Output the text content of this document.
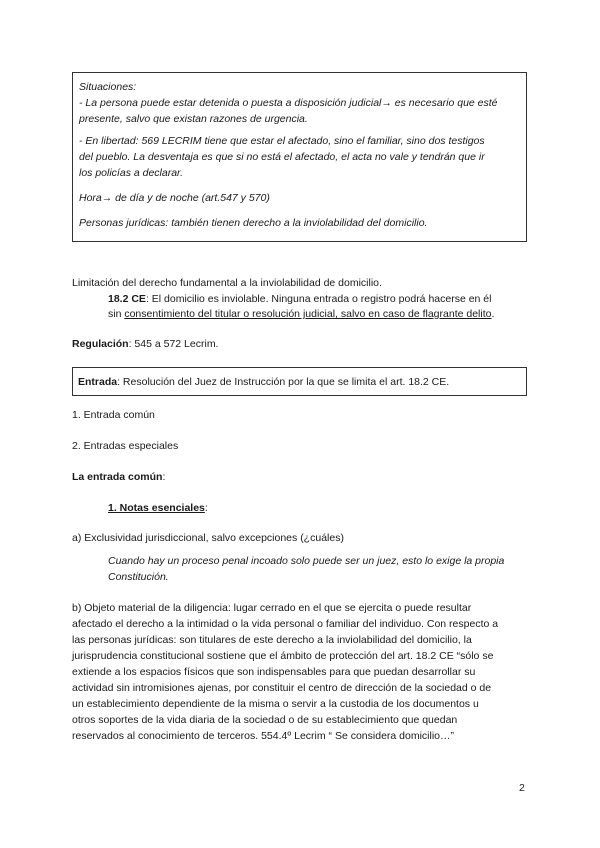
Situaciones:
- La persona puede estar detenida o puesta a disposición judicial→ es necesario que esté
presente, salvo que existan razones de urgencia.
- En libertad: 569 LECRIM tiene que estar el afectado, sino el familiar, sino dos testigos
del pueblo. La desventaja es que si no está el afectado, el acta no vale y tendrán que ir
los policías a declarar.
Hora→ de día y de noche (art.547 y 570)
Personas jurídicas: también tienen derecho a la inviolabilidad del domicilio.

Limitación del derecho fundamental a la inviolabilidad de domicilio.

18.2 CE: El domicilio es inviolable. Ninguna entrada o registro podrá hacerse en él

sin consentimiento del titular o resolución judicial, salvo en caso de flagrante delito.

Regulación: 545 a 572 Lecrim.

Entrada: Resolución del Juez de Instrucción por la que se limita el art. 18.2 CE.

1. Entrada común

2. Entradas especiales

La entrada común:

1. Notas esenciales:

a) Exclusividad jurisdiccional, salvo excepciones (¿cuáles)

Cuando hay un proceso penal incoado solo puede ser un juez, esto lo exige la propia

Constitución.

b) Objeto material de la diligencia: lugar cerrado en el que se ejercita o puede resultar
afectado el derecho a la intimidad o la vida personal o familiar del individuo. Con respecto a
las personas jurídicas: son titulares de este derecho a la inviolabilidad del domicilio, la
jurisprudencia constitucional sostiene que el ámbito de protección del art. 18.2 CE “sólo se
extiende a los espacios físicos que son indispensables para que puedan desarrollar su
actividad sin intromisiones ajenas, por constituir el centro de dirección de la sociedad o de
un establecimiento dependiente de la misma o servir a la custodia de los documentos u
otros soportes de la vida diaria de la sociedad o de su establecimiento que quedan
reservados al conocimiento de terceros. 554.4º Lecrim “ Se considera domicilio…”

2
